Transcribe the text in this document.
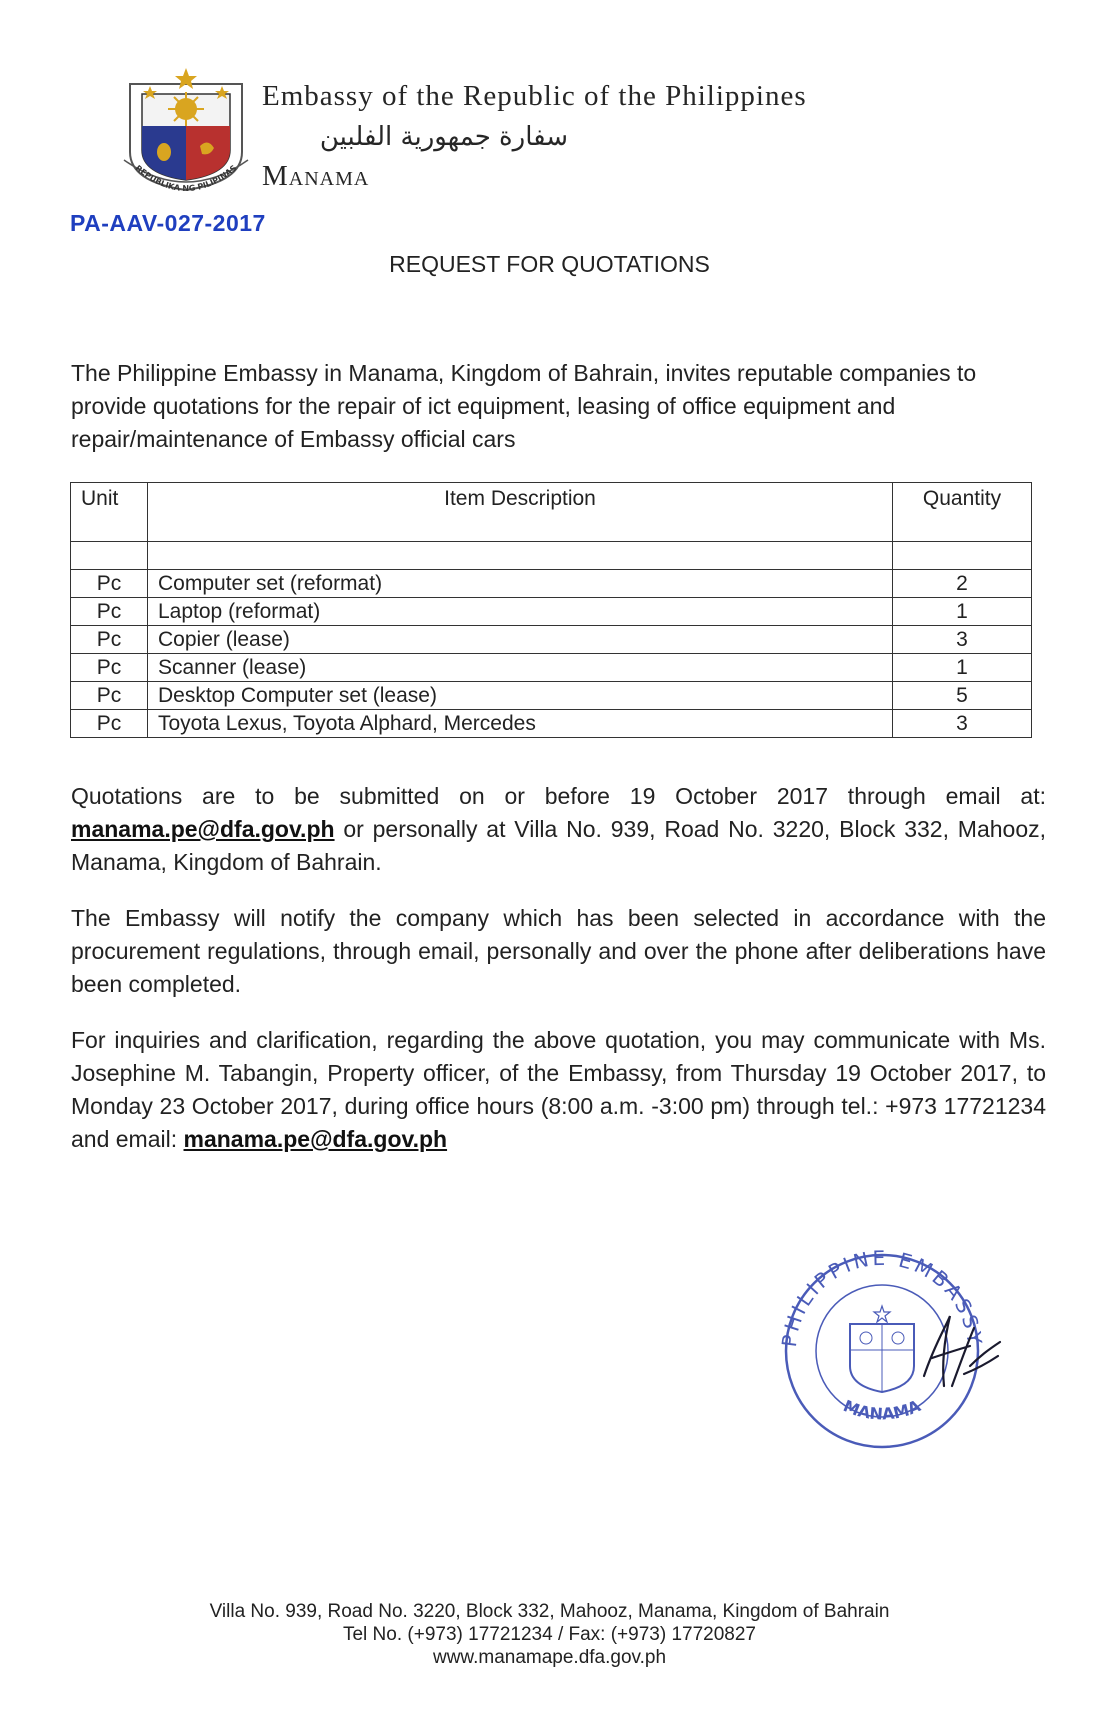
REPUBLIKA NG PILIPINAS
Embassy of the Republic of the Philippines
سفارة جمهورية الفلبين
Manama
PA-AAV-027-2017
REQUEST FOR QUOTATIONS
The Philippine Embassy in Manama, Kingdom of Bahrain, invites reputable companies to provide quotations for the repair of ict equipment, leasing of office equipment and repair/maintenance of Embassy official cars
Unit	Item Description	Quantity

Pc	Computer set (reformat)	2
Pc	Laptop (reformat)	1
Pc	Copier (lease)	3
Pc	Scanner (lease)	1
Pc	Desktop Computer set (lease)	5
Pc	Toyota Lexus, Toyota Alphard, Mercedes	3
Quotations are to be submitted on or before 19 October 2017 through email at: manama.pe@dfa.gov.ph or personally at Villa No. 939, Road No. 3220, Block 332, Mahooz, Manama, Kingdom of Bahrain.
The Embassy will notify the company which has been selected in accordance with the procurement regulations, through email, personally and over the phone after deliberations have been completed.
For inquiries and clarification, regarding the above quotation, you may communicate with Ms. Josephine M. Tabangin, Property officer, of the Embassy, from Thursday 19 October 2017, to Monday 23 October 2017, during office hours (8:00 a.m. -3:00 pm) through tel.: +973 17721234 and email: manama.pe@dfa.gov.ph
PHILIPPINE EMBASSY
MANAMA
Villa No. 939, Road No. 3220, Block 332, Mahooz, Manama, Kingdom of Bahrain
Tel No. (+973) 17721234 / Fax: (+973) 17720827
www.manamape.dfa.gov.ph
